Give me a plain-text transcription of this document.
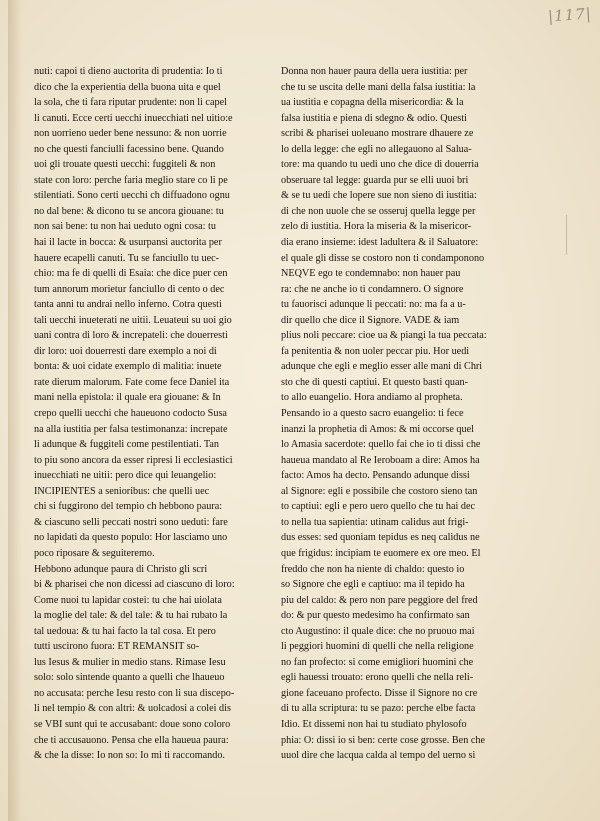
|117|
nuti: capoi ti dieno auctorita di prudentia: Io ti
dico che la experientia della buona uita e quel
la sola, che ti fara riputar prudente: non li capel
li canuti. Ecce certi uecchi inuecchiati nel uitio:e
non uorrieno ueder bene nessuno: & non uorrie
no che questi fanciulli facessino bene. Quando
uoi gli trouate questi uecchi: fuggiteli & non
state con loro: perche faria meglio stare co li pe
stilentiati. Sono certi uecchi ch diffuadono ognu
no dal bene: & dicono tu se ancora giouane: tu
non sai bene: tu non hai ueduto ogni cosa: tu
hai il lacte in bocca: & usurpansi auctorita per
hauere ecapelli canuti. Tu se fanciullo tu uec-
chio: ma fe di quelli di Esaia: che dice puer cen
tum annorum morietur fanciullo di cento o dec
tanta anni tu andrai nello inferno. Cotra questi
tali uecchi inueterati ne uitii. Leuateui su uoi gio
uani contra di loro & increpateli: che douerresti
dir loro: uoi douerresti dare exemplo a noi di
bonta: & uoi cidate exemplo di malitia: inuete
rate dierum malorum. Fate come fece Daniel ita
mani nella epistola: il quale era giouane: & In
crepo quelli uecchi che haueuono codocto Susa
na alla iustitia per falsa testimonanza: increpate
li adunque & fuggiteli come pestilentiati. Tan
to piu sono ancora da esser ripresi li ecclesiastici
inuecchiati ne uitii: pero dice qui leuangelio:
INCIPIENTES a senioribus: che quelli uec
chi si fuggirono del tempio ch hebbono paura:
& ciascuno selli peccati nostri sono ueduti: fare
no lapidati da questo populo: Hor lasciamo uno
poco riposare & seguiteremo.
Hebbono adunque paura di Christo gli scri
bi & pharisei che non dicessi ad ciascuno di loro:
Come nuoi tu lapidar costei: tu che hai uiolata
la moglie del tale: & del tale: & tu hai rubato la
tal uedoua: & tu hai facto la tal cosa. Et pero
tutti uscirono fuora: ET REMANSIT so-
lus Iesus & mulier in medio stans. Rimase Iesu
solo: solo sintende quanto a quelli che lhaueuo
no accusata: perche Iesu resto con li sua discepo-
li nel tempio & con altri: & uolcadosi a colei dis
se VBI sunt qui te accusabant: doue sono coloro
che ti accusauono. Pensa che ella haueua paura:
& che la disse: Io non so: Io mi ti raccomando.
Donna non hauer paura della uera iustitia: per
che tu se uscita delle mani della falsa iustitia: la
ua iustitia e copagna della misericordia: & la
falsa iustitia e piena di sdegno & odio. Questi
scribi & pharisei uoleuano mostrare dhauere ze
lo della legge: che egli no allegauono al Salua-
tore: ma quando tu uedi uno che dice di douerria
obseruare tal legge: guarda pur se elli uuoi bri
& se tu uedi che lopere sue non sieno di iustitia:
di che non uuole che se osseruj quella legge per
zelo di iustitia. Hora la miseria & la misericor-
dia erano insieme: idest ladultera & il Saluatore:
el quale gli disse se costoro non ti condamponono
NEQVE ego te condemnabo: non hauer pau
ra: che ne anche io ti condamnero. O signore
tu fauorisci adunque li peccati: no: ma fa a u-
dir quello che dice il Signore. VADE & iam
plius noli peccare: cioe ua & piangi la tua peccata:
fa penitentia & non uoler peccar piu. Hor uedi
adunque che egli e meglio esser alle mani di Chri
sto che di questi captiui. Et questo basti quan-
to allo euangelio. Hora andiamo al propheta.
Pensando io a questo sacro euangelio: ti fece
inanzi la prophetia di Amos: & mi occorse quel
lo Amasia sacerdote: quello fai che io ti dissi che
haueua mandato al Re Ieroboam a dire: Amos ha
facto: Amos ha decto. Pensando adunque dissi
al Signore: egli e possibile che costoro sieno tan
to captiui: egli e pero uero quello che tu hai dec
to nella tua sapientia: utinam calidus aut frigi-
dus esses: sed quoniam tepidus es neq calidus ne
que frigidus: incipiam te euomere ex ore meo. El
freddo che non ha niente di chaldo: questo io
so Signore che egli e captiuo: ma il tepido ha
piu del caldo: & pero non pare peggiore del fred
do: & pur questo medesimo ha confirmato san
cto Augustino: il quale dice: che no pruouo mai
li peggiori huomini di quelli che nella religione
no fan profecto: si come emigliori huomini che
egli hauessi trouato: erono quelli che nella reli-
gione faceuano profecto. Disse il Signore no cre
di tu alla scriptura: tu se pazo: perche elbe facta
Idio. Et dissemi non hai tu studiato phylosofo
phia: O: dissi io si ben: certe cose grosse. Ben che
uuol dire che lacqua calda al tempo del uerno si
